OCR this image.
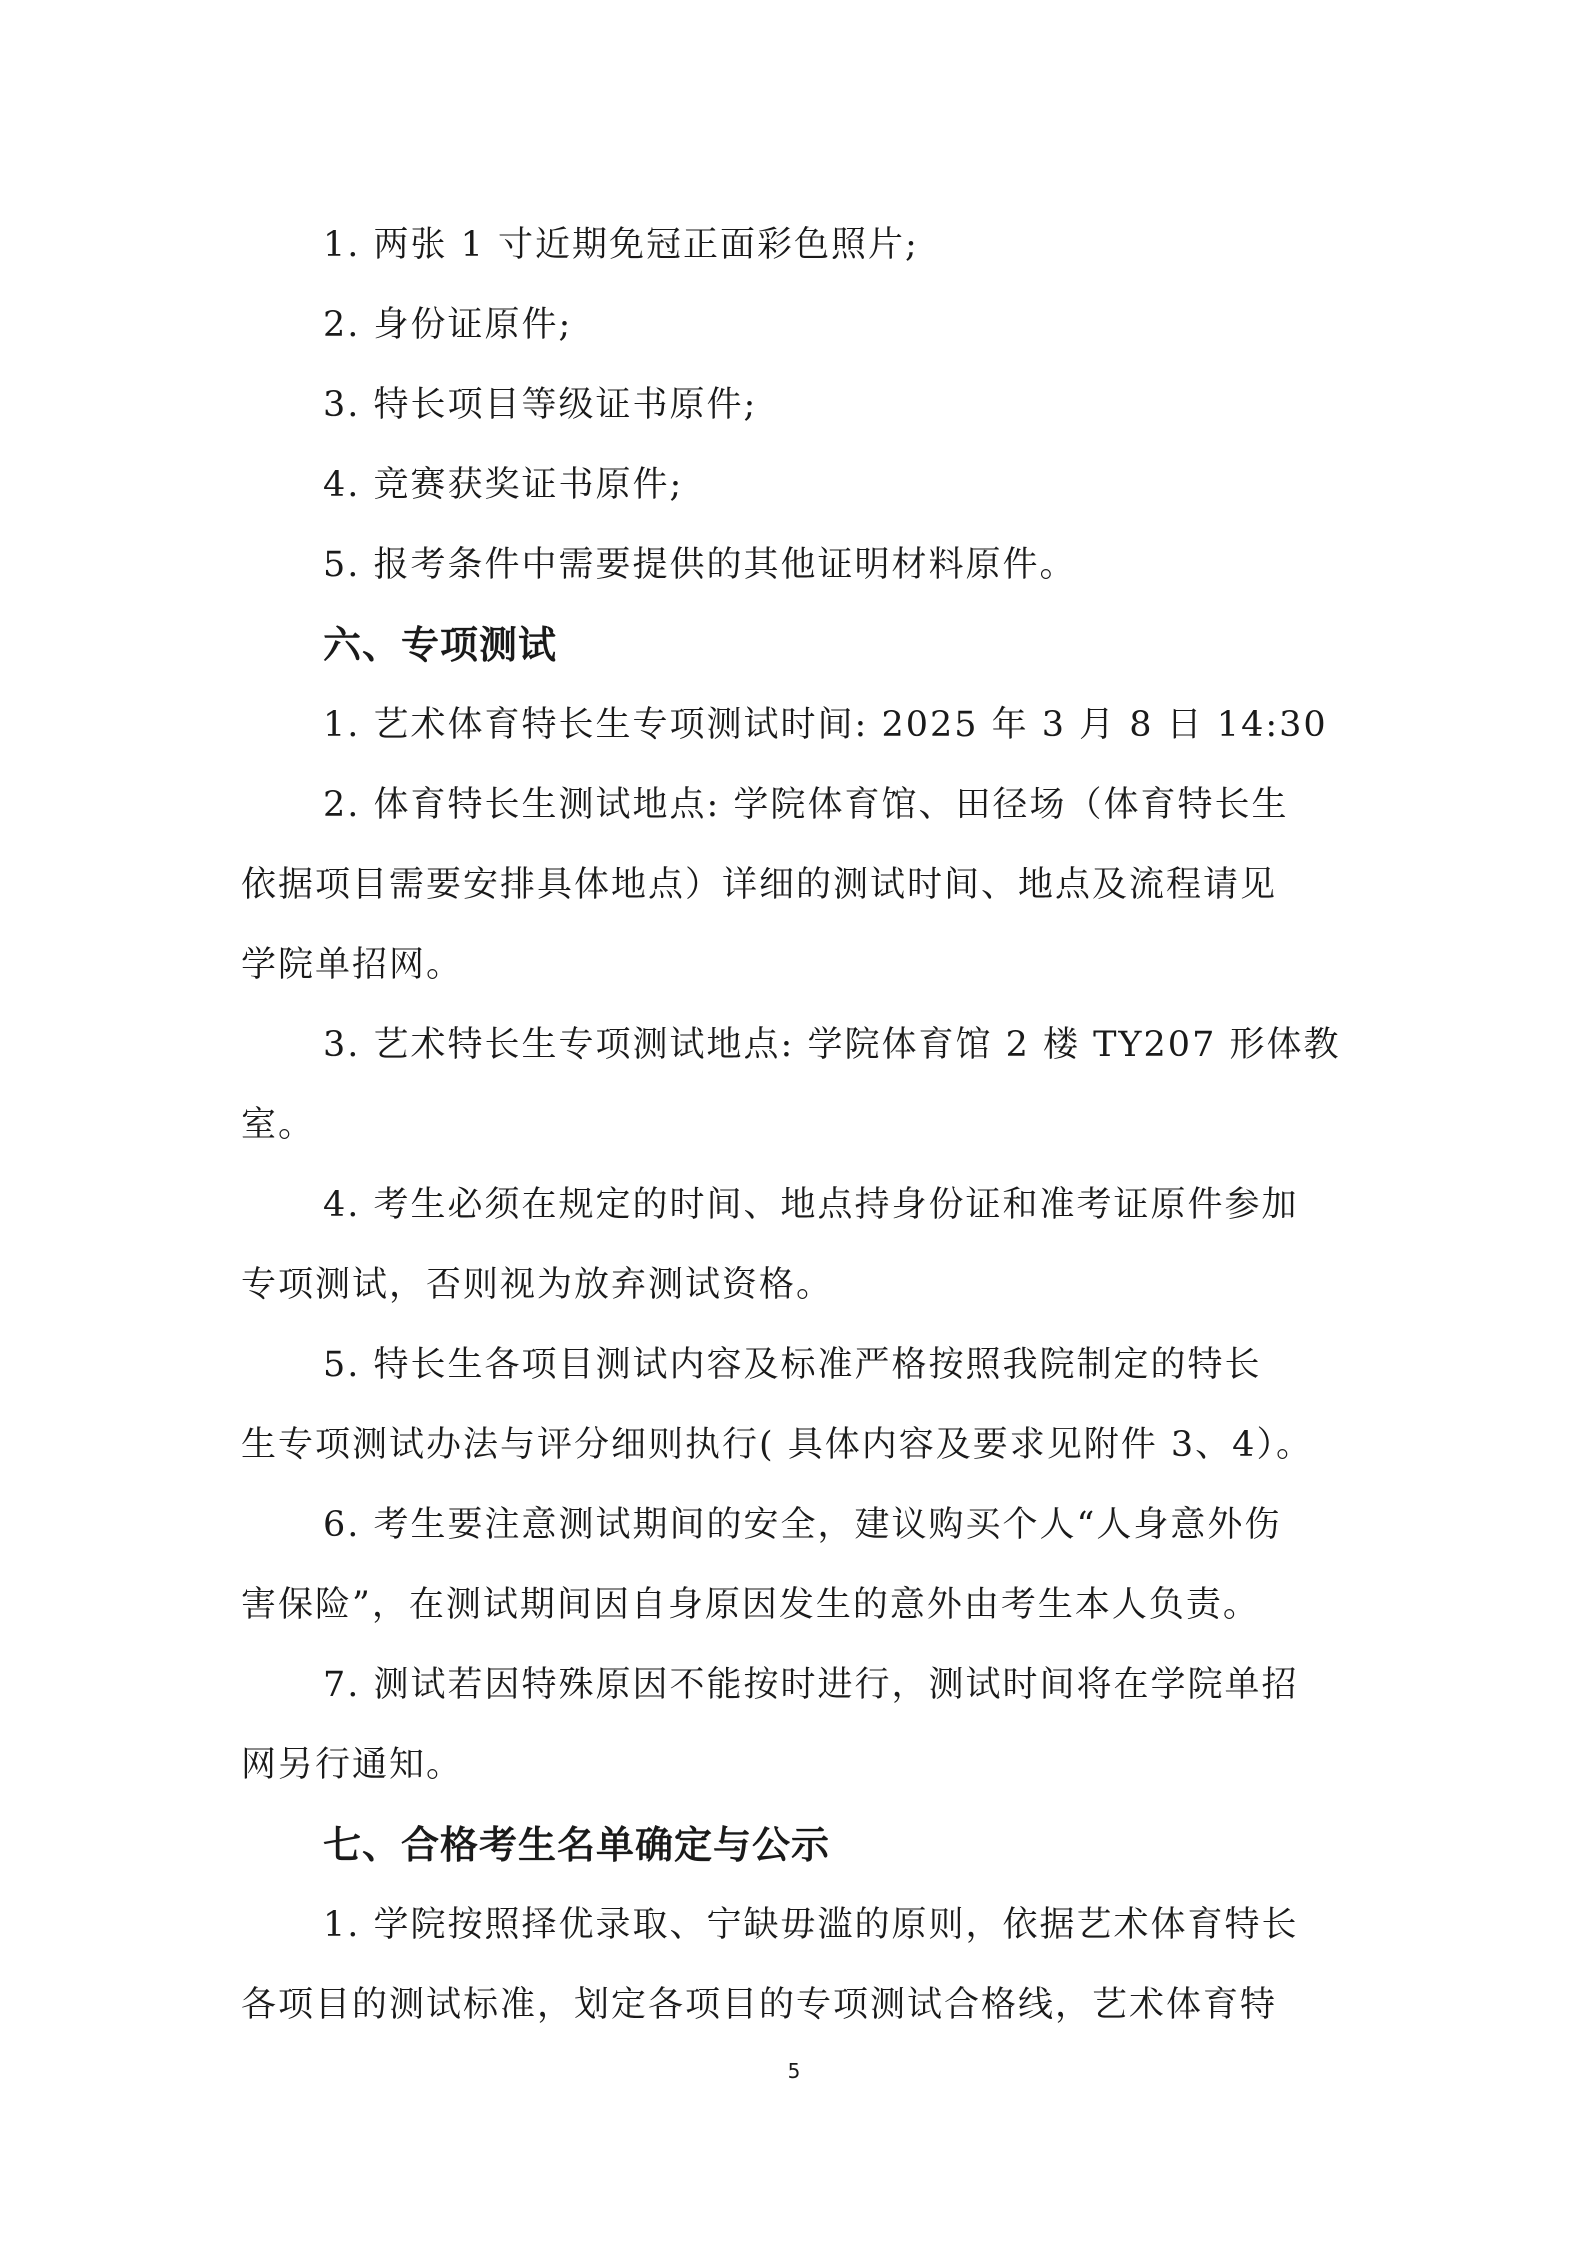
1. 两张 1 寸近期免冠正面彩色照片;
2. 身份证原件;
3. 特长项目等级证书原件;
4. 竞赛获奖证书原件;
5. 报考条件中需要提供的其他证明材料原件。
六、专项测试
1. 艺术体育特长生专项测试时间: 2025 年 3 月 8 日 14:30
2. 体育特长生测试地点: 学院体育馆、田径场（体育特长生
依据项目需要安排具体地点）详细的测试时间、地点及流程请见
学院单招网。
3. 艺术特长生专项测试地点: 学院体育馆 2 楼 TY207 形体教
室。
4. 考生必须在规定的时间、地点持身份证和准考证原件参加
专项测试，否则视为放弃测试资格。
5. 特长生各项目测试内容及标准严格按照我院制定的特长
生专项测试办法与评分细则执行( 具体内容及要求见附件 3、4）。
6. 考生要注意测试期间的安全，建议购买个人“人身意外伤
害保险”，在测试期间因自身原因发生的意外由考生本人负责。
7. 测试若因特殊原因不能按时进行，测试时间将在学院单招
网另行通知。
七、合格考生名单确定与公示
1. 学院按照择优录取、宁缺毋滥的原则，依据艺术体育特长
各项目的测试标准，划定各项目的专项测试合格线，艺术体育特
5
